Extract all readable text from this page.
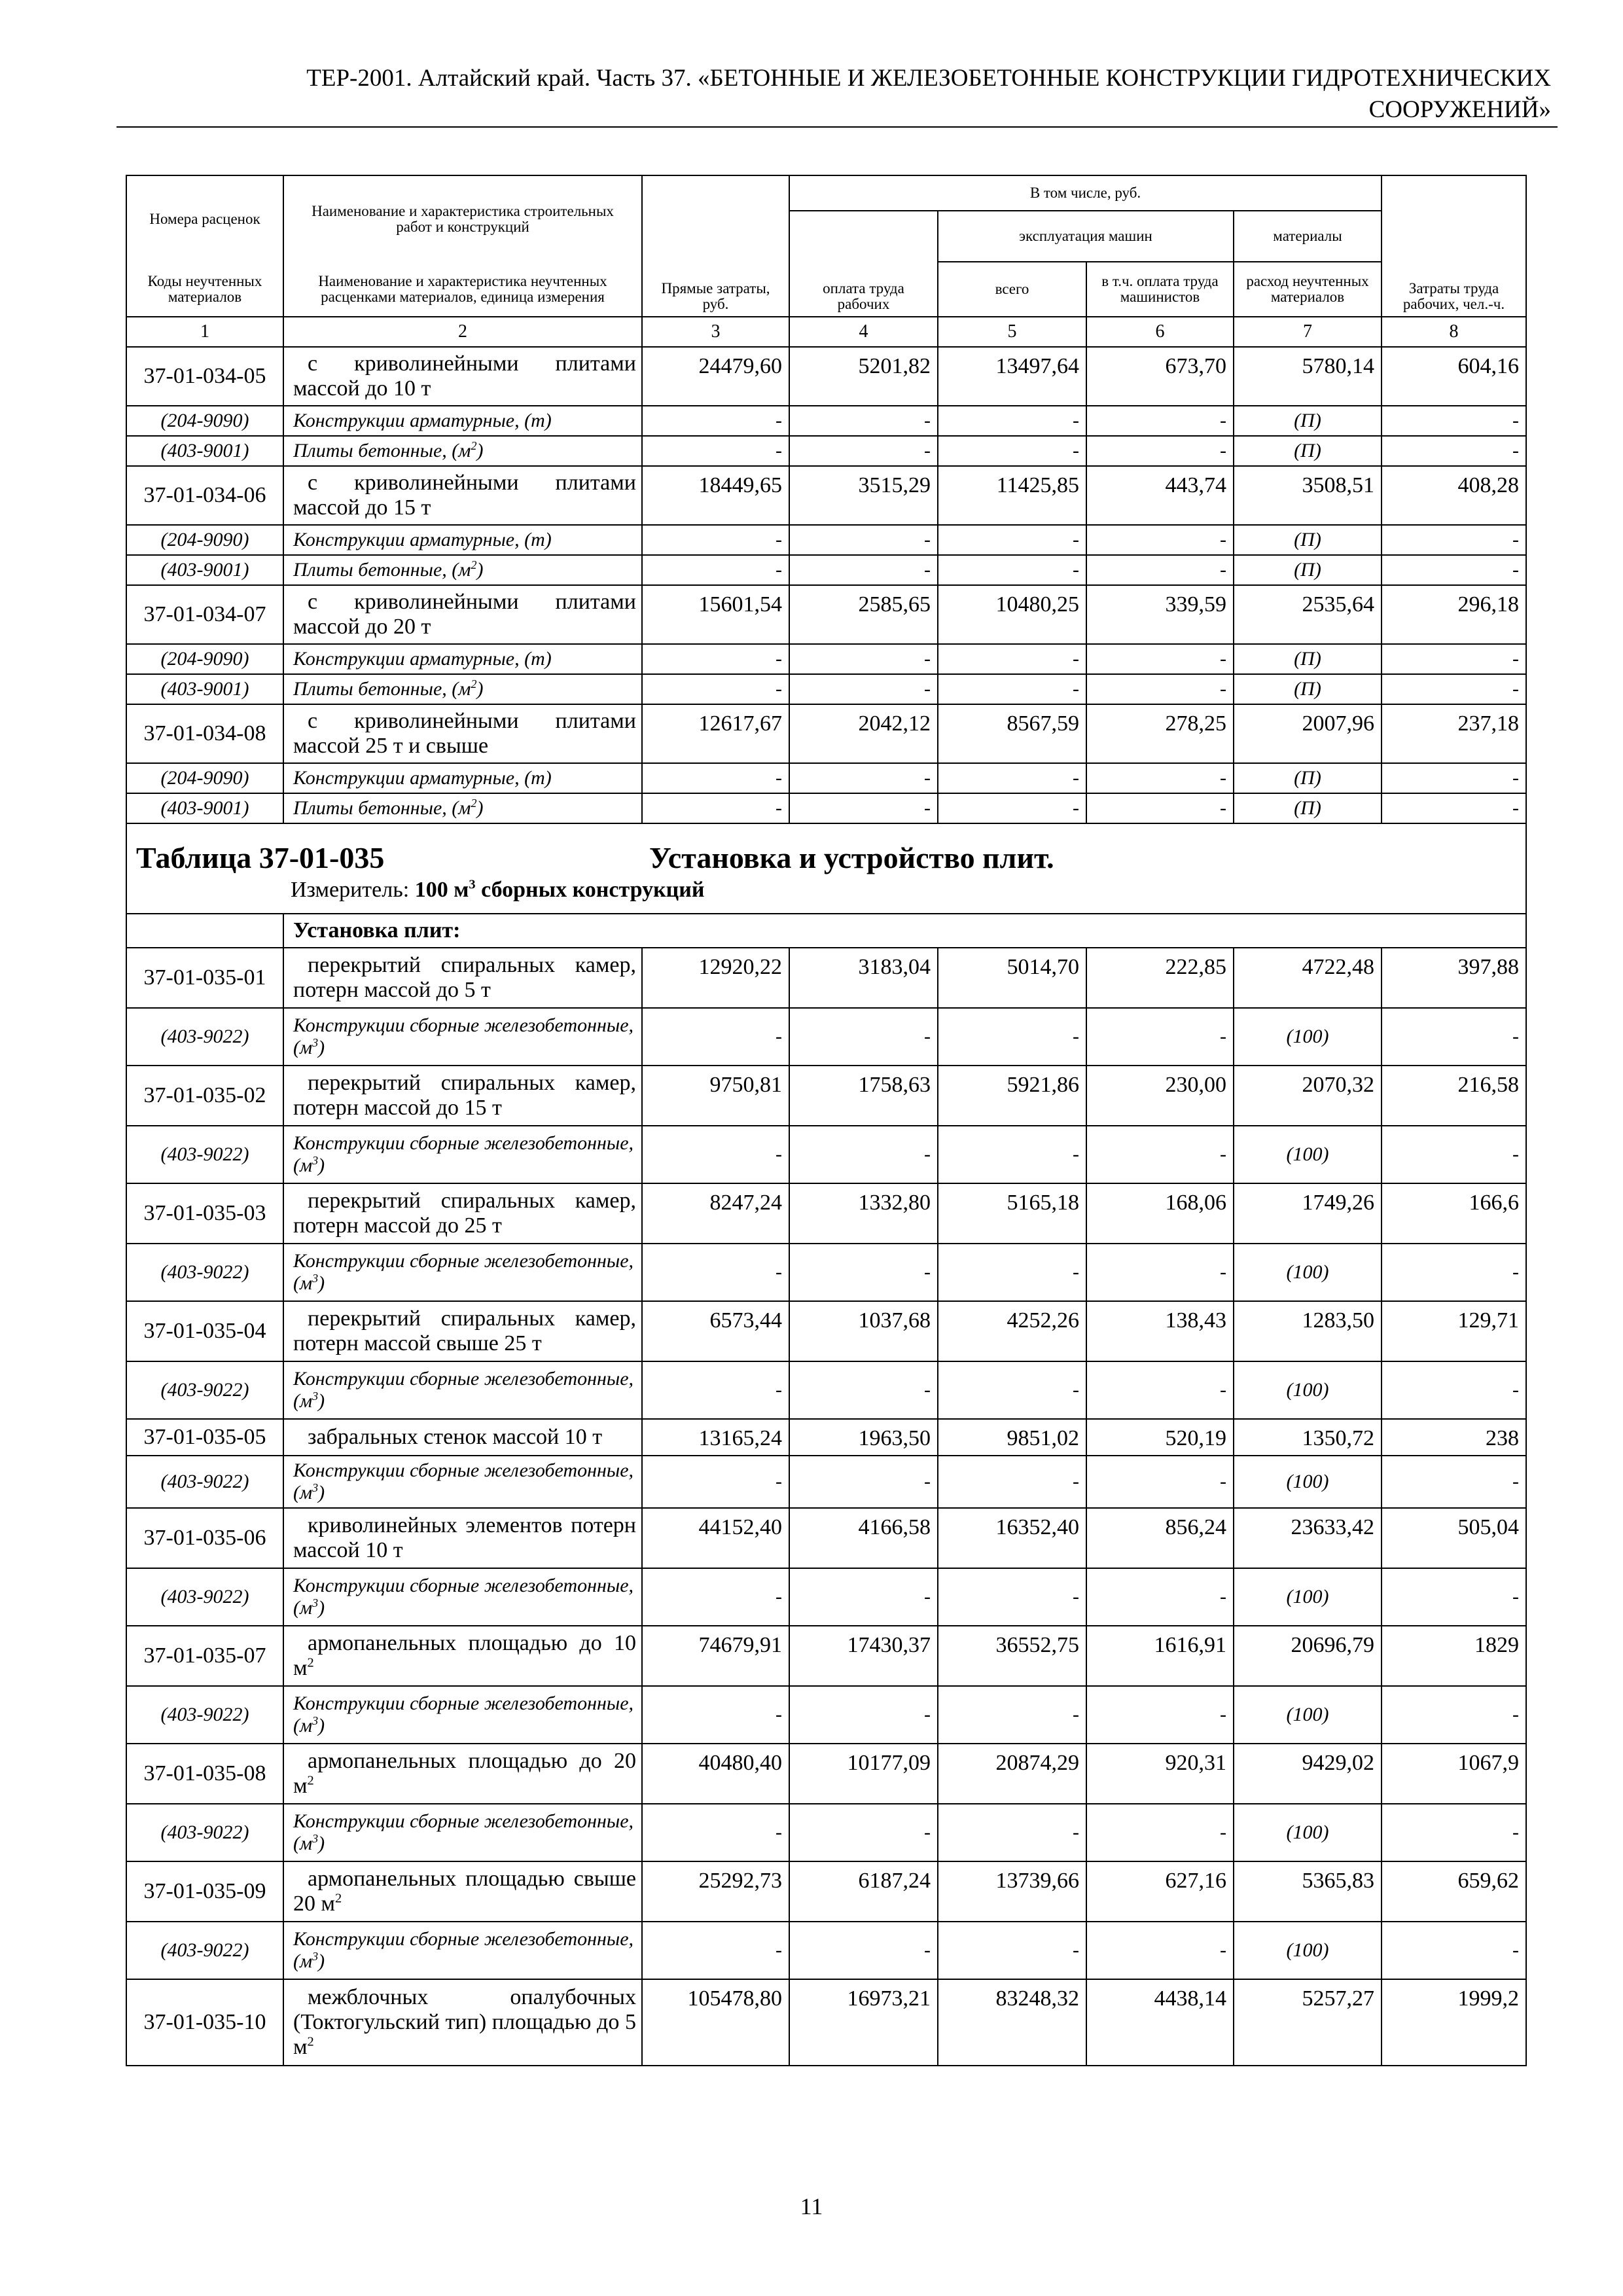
ТЕР-2001. Алтайский край. Часть 37. «БЕТОННЫЕ И ЖЕЛЕЗОБЕТОННЫЕ КОНСТРУКЦИИ ГИДРОТЕХНИЧЕСКИХ
СООРУЖЕНИЙ»
Номера расценок	Наименование и характеристика строительных работ и конструкций	Прямые затраты, руб.	В том числе, руб.				Затраты труда рабочих, чел.-ч.
			оплата труда рабочих	эксплуатация машин		материалы	
Коды неучтенных материалов	Наименование и характеристика неучтенных расценками материалов, единица измерения			всего	в т.ч. оплата труда машинистов	расход неучтенных материалов	
1	2	3	4	5	6	7	8
37-01-034-05	с криволинейными плитами массой до 10 т	24479,60	5201,82	13497,64	673,70	5780,14	604,16
(204-9090)	Конструкции арматурные, (т)	-	-	-	-	(П)	-
(403-9001)	Плиты бетонные, $(м^2)$	-	-	-	-	(П)	-
37-01-034-06	с криволинейными плитами массой до 15 т	18449,65	3515,29	11425,85	443,74	3508,51	408,28
(204-9090)	Конструкции арматурные, (т)	-	-	-	-	(П)	-
(403-9001)	Плиты бетонные, $(м^2)$	-	-	-	-	(П)	-
37-01-034-07	с криволинейными плитами массой до 20 т	15601,54	2585,65	10480,25	339,59	2535,64	296,18
(204-9090)	Конструкции арматурные, (т)	-	-	-	-	(П)	-
(403-9001)	Плиты бетонные, $(м^2)$	-	-	-	-	(П)	-
37-01-034-08	с криволинейными плитами массой 25 т и свыше	12617,67	2042,12	8567,59	278,25	2007,96	237,18
(204-9090)	Конструкции арматурные, (т)	-	-	-	-	(П)	-
(403-9001)	Плиты бетонные, $(м^2)$	-	-	-	-	(П)	-

Таблица 37-01-035 Установка и устройство плит.
Измеритель: 100 $м^3$ сборных конструкций							

	Установка плит:						
37-01-035-01	перекрытий спиральных камер, потерн массой до 5 т	12920,22	3183,04	5014,70	222,85	4722,48	397,88
(403-9022)	Конструкции сборные железобетонные, $(м^3)$	-	-	-	-	(100)	-
37-01-035-02	перекрытий спиральных камер, потерн массой до 15 т	9750,81	1758,63	5921,86	230,00	2070,32	216,58
(403-9022)	Конструкции сборные железобетонные, $(м^3)$	-	-	-	-	(100)	-
37-01-035-03	перекрытий спиральных камер, потерн массой до 25 т	8247,24	1332,80	5165,18	168,06	1749,26	166,6
(403-9022)	Конструкции сборные железобетонные, $(м^3)$	-	-	-	-	(100)	-
37-01-035-04	перекрытий спиральных камер, потерн массой свыше 25 т	6573,44	1037,68	4252,26	138,43	1283,50	129,71
(403-9022)	Конструкции сборные железобетонные, $(м^3)$	-	-	-	-	(100)	-
37-01-035-05	забральных стенок массой 10 т	13165,24	1963,50	9851,02	520,19	1350,72	238
(403-9022)	Конструкции сборные железобетонные, $(м^3)$	-	-	-	-	(100)	-
37-01-035-06	криволинейных элементов потерн массой 10 т	44152,40	4166,58	16352,40	856,24	23633,42	505,04
(403-9022)	Конструкции сборные железобетонные, $(м^3)$	-	-	-	-	(100)	-
37-01-035-07	армопанельных площадью до 10 $м^2$	74679,91	17430,37	36552,75	1616,91	20696,79	1829
(403-9022)	Конструкции сборные железобетонные, $(м^3)$	-	-	-	-	(100)	-
37-01-035-08	армопанельных площадью до 20 $м^2$	40480,40	10177,09	20874,29	920,31	9429,02	1067,9
(403-9022)	Конструкции сборные железобетонные, $(м^3)$	-	-	-	-	(100)	-
37-01-035-09	армопанельных площадью свыше 20 $м^2$	25292,73	6187,24	13739,66	627,16	5365,83	659,62
(403-9022)	Конструкции сборные железобетонные, $(м^3)$	-	-	-	-	(100)	-
37-01-035-10	межблочных опалубочных (Токтогульский тип) площадью до 5 $м^2$	105478,80	16973,21	83248,32	4438,14	5257,27	1999,2
11
